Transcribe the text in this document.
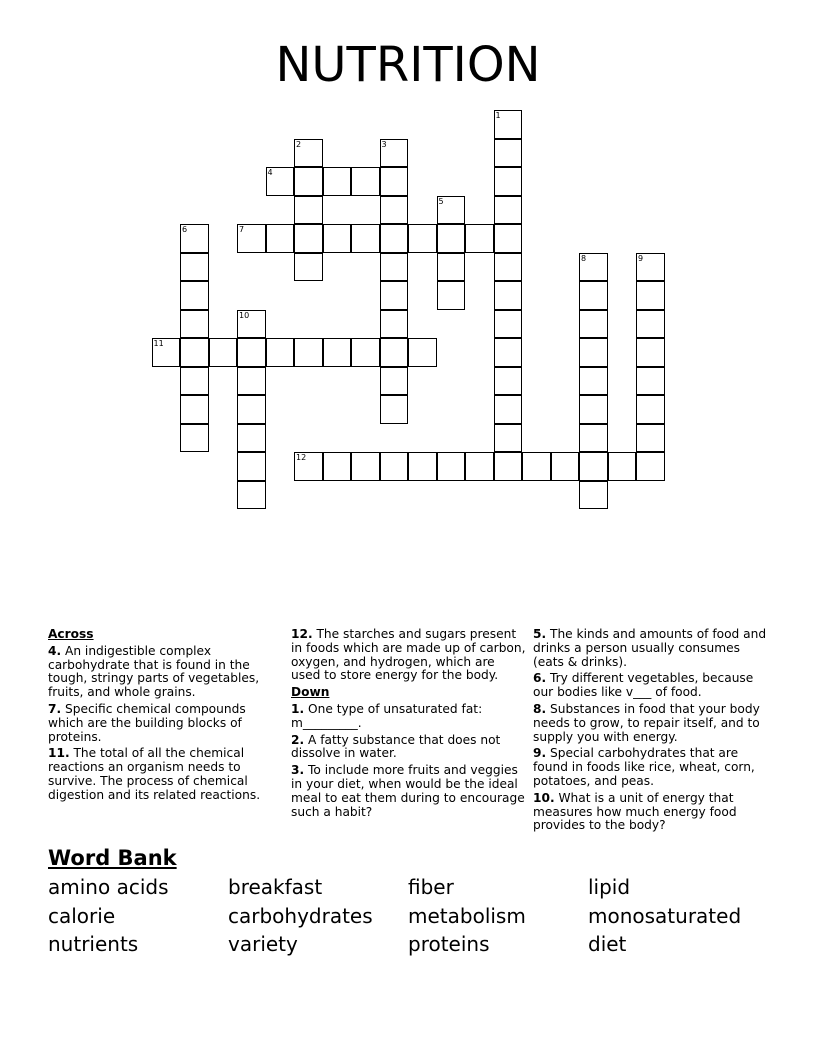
NUTRITION
1
2	3
4
5
6	7
8	9
10
11
12
Across
4. An indigestible complex carbohydrate that is found in the tough, stringy parts of vegetables, fruits, and whole grains.
7. Specific chemical compounds which are the building blocks of proteins.
11. The total of all the chemical reactions an organism needs to survive. The process of chemical digestion and its related reactions.
12. The starches and sugars present in foods which are made up of carbon, oxygen, and hydrogen, which are used to store energy for the body.
Down
1. One type of unsaturated fat: m_________.
2. A fatty substance that does not dissolve in water.
3. To include more fruits and veggies in your diet, when would be the ideal meal to eat them during to encourage such a habit?
5. The kinds and amounts of food and drinks a person usually consumes (eats & drinks).
6. Try different vegetables, because our bodies like v___ of food.
8. Substances in food that your body needs to grow, to repair itself, and to supply you with energy.
9. Special carbohydrates that are found in foods like rice, wheat, corn, potatoes, and peas.
10. What is a unit of energy that measures how much energy food provides to the body?
Word Bank
amino acids	breakfast	fiber	lipid
calorie	carbohydrates	metabolism	monosaturated
nutrients	variety	proteins	diet
